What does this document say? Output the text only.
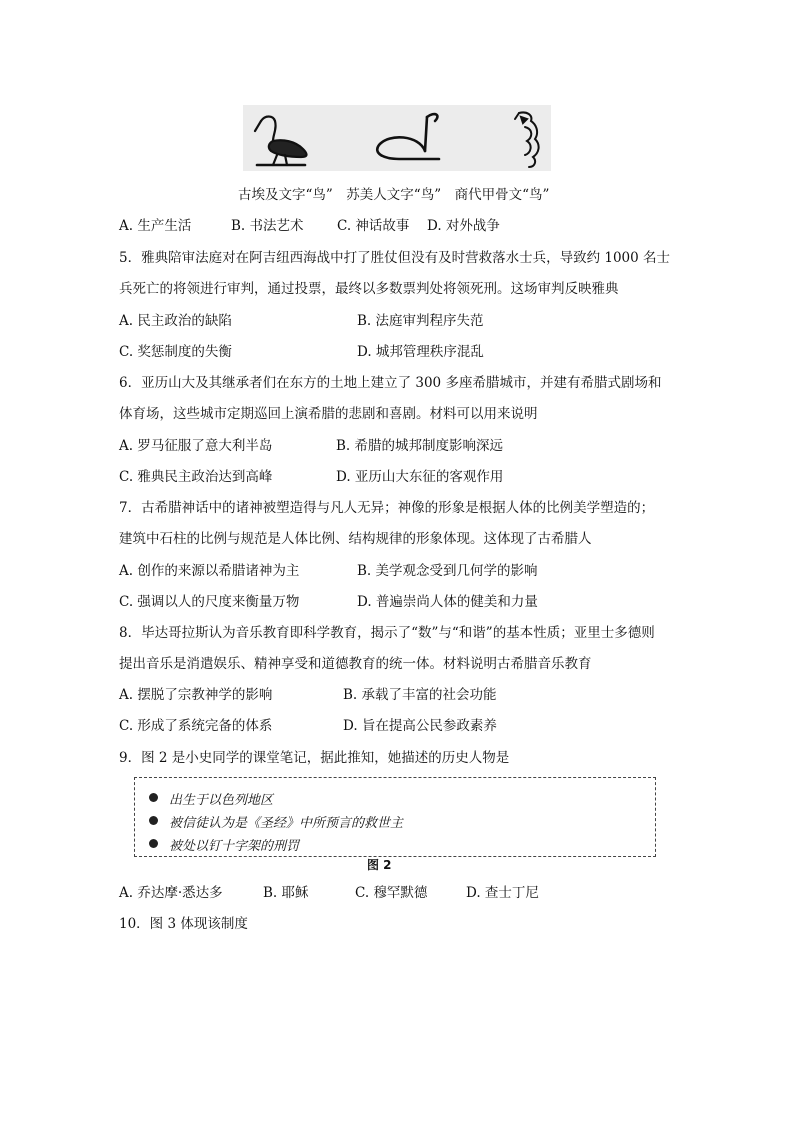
古埃及文字“鸟”　苏美人文字“鸟”　商代甲骨文“鸟”
A. 生产生活	B. 书法艺术 C. 神话故事 D. 对外战争
5．雅典陪审法庭对在阿吉纽西海战中打了胜仗但没有及时营救落水士兵，导致约 1000 名士
兵死亡的将领进行审判，通过投票，最终以多数票判处将领死刑。这场审判反映雅典
A. 民主政治的缺陷	B. 法庭审判程序失范
C. 奖惩制度的失衡	D. 城邦管理秩序混乱
6．亚历山大及其继承者们在东方的土地上建立了 300 多座希腊城市，并建有希腊式剧场和
体育场，这些城市定期巡回上演希腊的悲剧和喜剧。材料可以用来说明
A. 罗马征服了意大利半岛	B. 希腊的城邦制度影响深远
C. 雅典民主政治达到高峰	D. 亚历山大东征的客观作用
7．古希腊神话中的诸神被塑造得与凡人无异；神像的形象是根据人体的比例美学塑造的；
建筑中石柱的比例与规范是人体比例、结构规律的形象体现。这体现了古希腊人
A. 创作的来源以希腊诸神为主	B. 美学观念受到几何学的影响
C. 强调以人的尺度来衡量万物	D. 普遍崇尚人体的健美和力量
8．毕达哥拉斯认为音乐教育即科学教育，揭示了“数”与“和谐”的基本性质；亚里士多德则
提出音乐是消遣娱乐、精神享受和道德教育的统一体。材料说明古希腊音乐教育
A. 摆脱了宗教神学的影响	B. 承载了丰富的社会功能
C. 形成了系统完备的体系	D. 旨在提高公民参政素养
9．图 2 是小史同学的课堂笔记，据此推知，她描述的历史人物是
出生于以色列地区
被信徒认为是《圣经》中所预言的救世主
被处以钉十字架的刑罚
图 2
A. 乔达摩·悉达多	B. 耶稣	C. 穆罕默德	D. 查士丁尼
10．图 3 体现该制度
